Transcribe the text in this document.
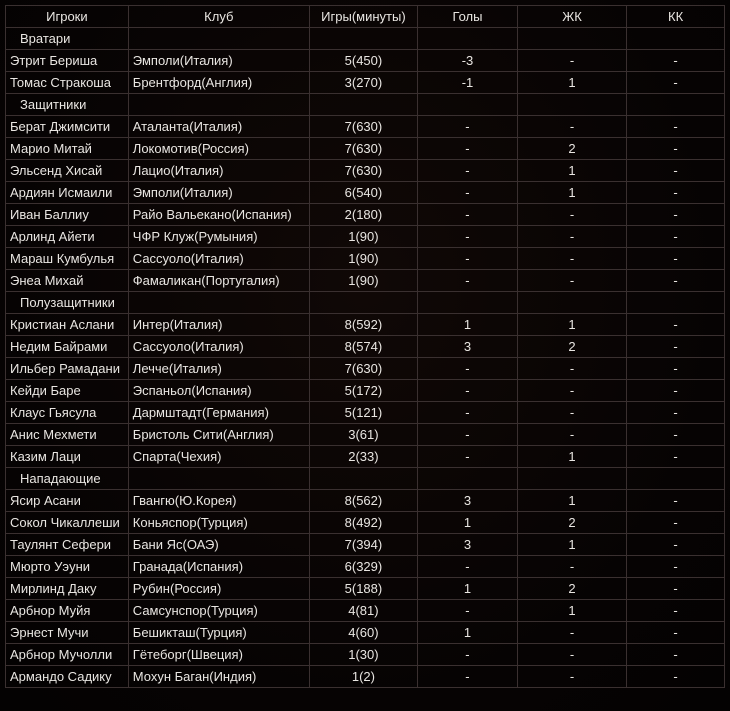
Игроки	Клуб	Игры(минуты)	Голы	ЖК	КК
Вратари					
Этрит Бериша	Эмполи(Италия)	5(450)	-3	-	-
Томас Стракоша	Брентфорд(Англия)	3(270)	-1	1	-
Защитники					
Берат Джимсити	Аталанта(Италия)	7(630)	-	-	-
Марио Митай	Локомотив(Россия)	7(630)	-	2	-
Эльсенд Хисай	Лацио(Италия)	7(630)	-	1	-
Ардиян Исмаили	Эмполи(Италия)	6(540)	-	1	-
Иван Баллиу	Райо Вальекано(Испания)	2(180)	-	-	-
Арлинд Айети	ЧФР Клуж(Румыния)	1(90)	-	-	-
Мараш Кумбулья	Сассуоло(Италия)	1(90)	-	-	-
Энеа Михай	Фамаликан(Португалия)	1(90)	-	-	-
Полузащитники					
Кристиан Аслани	Интер(Италия)	8(592)	1	1	-
Недим Байрами	Сассуоло(Италия)	8(574)	3	2	-
Ильбер Рамадани	Лечче(Италия)	7(630)	-	-	-
Кейди Баре	Эспаньол(Испания)	5(172)	-	-	-
Клаус Гьясула	Дармштадт(Германия)	5(121)	-	-	-
Анис Мехмети	Бристоль Сити(Англия)	3(61)	-	-	-
Казим Лаци	Спарта(Чехия)	2(33)	-	1	-
Нападающие					
Ясир Асани	Гвангю(Ю.Корея)	8(562)	3	1	-
Сокол Чикаллеши	Коньяспор(Турция)	8(492)	1	2	-
Таулянт Сефери	Бани Яс(ОАЭ)	7(394)	3	1	-
Мюрто Уэуни	Гранада(Испания)	6(329)	-	-	-
Мирлинд Даку	Рубин(Россия)	5(188)	1	2	-
Арбнор Муйя	Самсунспор(Турция)	4(81)	-	1	-
Эрнест Мучи	Бешикташ(Турция)	4(60)	1	-	-
Арбнор Мучолли	Гётеборг(Швеция)	1(30)	-	-	-
Армандо Садику	Мохун Баган(Индия)	1(2)	-	-	-
